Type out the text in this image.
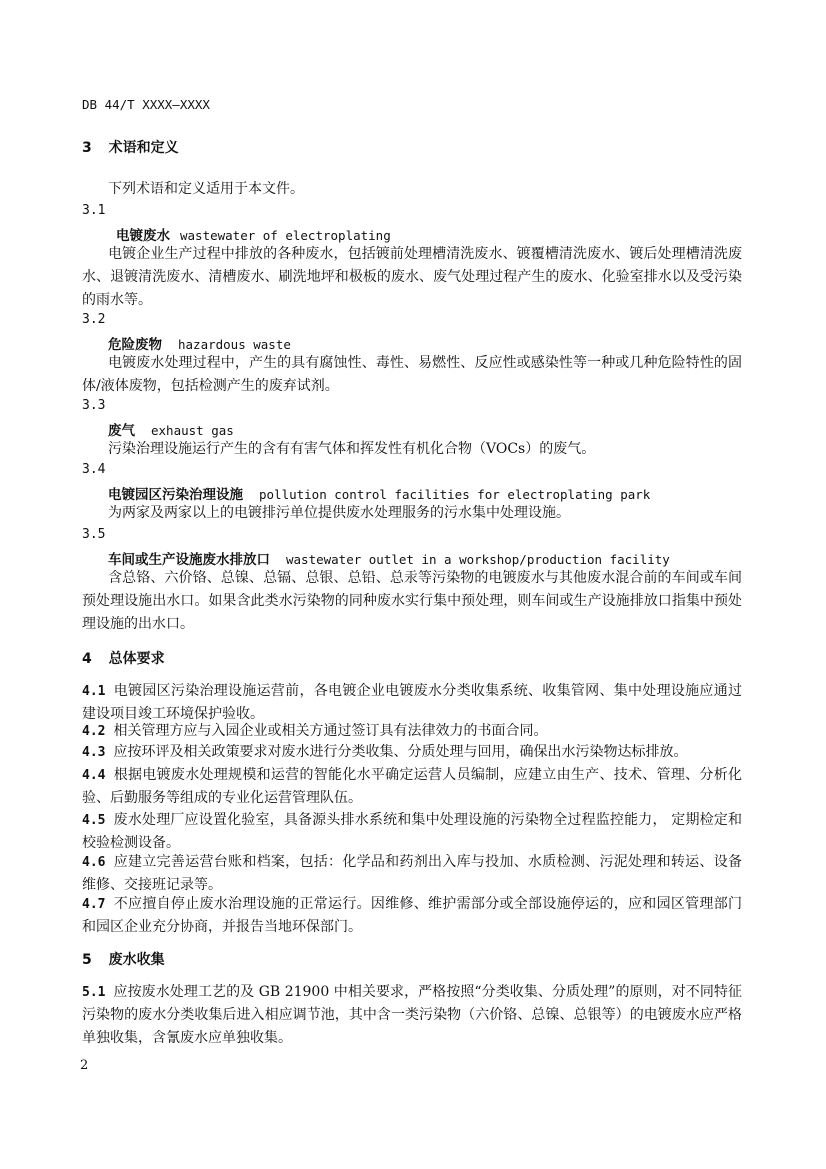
DB 44/T XXXX—XXXX
3 术语和定义
下列术语和定义适用于本文件。
3.1
电镀废水 wastewater of electroplating
电镀企业生产过程中排放的各种废水，包括镀前处理槽清洗废水、镀覆槽清洗废水、镀后处理槽清洗废水、退镀清洗废水、清槽废水、刷洗地坪和极板的废水、废气处理过程产生的废水、化验室排水以及受污染的雨水等。
3.2
危险废物 hazardous waste
电镀废水处理过程中，产生的具有腐蚀性、毒性、易燃性、反应性或感染性等一种或几种危险特性的固体/液体废物，包括检测产生的废弃试剂。
3.3
废气 exhaust gas
污染治理设施运行产生的含有有害气体和挥发性有机化合物（VOCs）的废气。
3.4
电镀园区污染治理设施 pollution control facilities for electroplating park
为两家及两家以上的电镀排污单位提供废水处理服务的污水集中处理设施。
3.5
车间或生产设施废水排放口 wastewater outlet in a workshop/production facility
含总铬、六价铬、总镍、总镉、总银、总铅、总汞等污染物的电镀废水与其他废水混合前的车间或车间预处理设施出水口。如果含此类水污染物的同种废水实行集中预处理，则车间或生产设施排放口指集中预处理设施的出水口。
4 总体要求
4.1 电镀园区污染治理设施运营前，各电镀企业电镀废水分类收集系统、收集管网、集中处理设施应通过建设项目竣工环境保护验收。
4.2 相关管理方应与入园企业或相关方通过签订具有法律效力的书面合同。
4.3 应按环评及相关政策要求对废水进行分类收集、分质处理与回用，确保出水污染物达标排放。
4.4 根据电镀废水处理规模和运营的智能化水平确定运营人员编制，应建立由生产、技术、管理、分析化验、后勤服务等组成的专业化运营管理队伍。
4.5 废水处理厂应设置化验室，具备源头排水系统和集中处理设施的污染物全过程监控能力， 定期检定和校验检测设备。
4.6 应建立完善运营台账和档案，包括：化学品和药剂出入库与投加、水质检测、污泥处理和转运、设备维修、交接班记录等。
4.7 不应擅自停止废水治理设施的正常运行。因维修、维护需部分或全部设施停运的，应和园区管理部门和园区企业充分协商，并报告当地环保部门。
5 废水收集
5.1 应按废水处理工艺的及 GB 21900 中相关要求，严格按照“分类收集、分质处理”的原则，对不同特征污染物的废水分类收集后进入相应调节池，其中含一类污染物（六价铬、总镍、总银等）的电镀废水应严格单独收集，含氰废水应单独收集。
2
